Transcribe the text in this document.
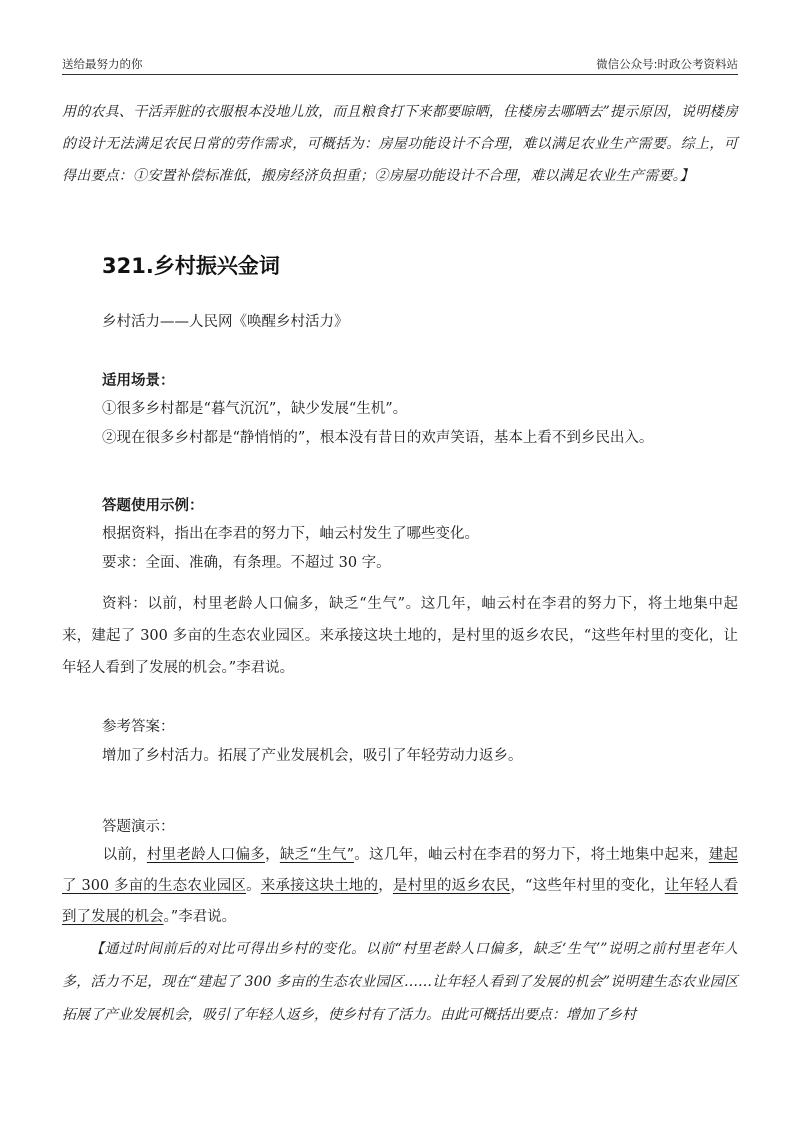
送给最努力的你	微信公众号:时政公考资料站

用的农具、干活弄脏的衣服根本没地儿放，而且粮食打下来都要晾晒，住楼房去哪晒去”提示原因，说明楼房的设计无法满足农民日常的劳作需求，可概括为：房屋功能设计不合理，难以满足农业生产需要。综上，可得出要点：①安置补偿标准低，搬房经济负担重；②房屋功能设计不合理，难以满足农业生产需要。】

321.乡村振兴金词
乡村活力——人民网《唤醒乡村活力》
适用场景：
①很多乡村都是“暮气沉沉”，缺少发展“生机”。
②现在很多乡村都是“静悄悄的”，根本没有昔日的欢声笑语，基本上看不到乡民出入。
答题使用示例：
根据资料，指出在李君的努力下，岫云村发生了哪些变化。
要求：全面、准确，有条理。不超过 30 字。
资料：以前，村里老龄人口偏多，缺乏“生气”。这几年，岫云村在李君的努力下，将土地集中起来，建起了 300 多亩的生态农业园区。来承接这块土地的，是村里的返乡农民，“这些年村里的变化，让年轻人看到了发展的机会。”李君说。
参考答案：
增加了乡村活力。拓展了产业发展机会，吸引了年轻劳动力返乡。
答题演示：
以前，村里老龄人口偏多，缺乏“生气”。这几年，岫云村在李君的努力下，将土地集中起来，建起了 300 多亩的生态农业园区。来承接这块土地的，是村里的返乡农民，“这些年村里的变化，让年轻人看到了发展的机会。”李君说。
【通过时间前后的对比可得出乡村的变化。以前“村里老龄人口偏多，缺乏‘生气’”说明之前村里老年人多，活力不足，现在“建起了 300 多亩的生态农业园区……让年轻人看到了发展的机会”说明建生态农业园区拓展了产业发展机会，吸引了年轻人返乡，使乡村有了活力。由此可概括出要点：增加了乡村
